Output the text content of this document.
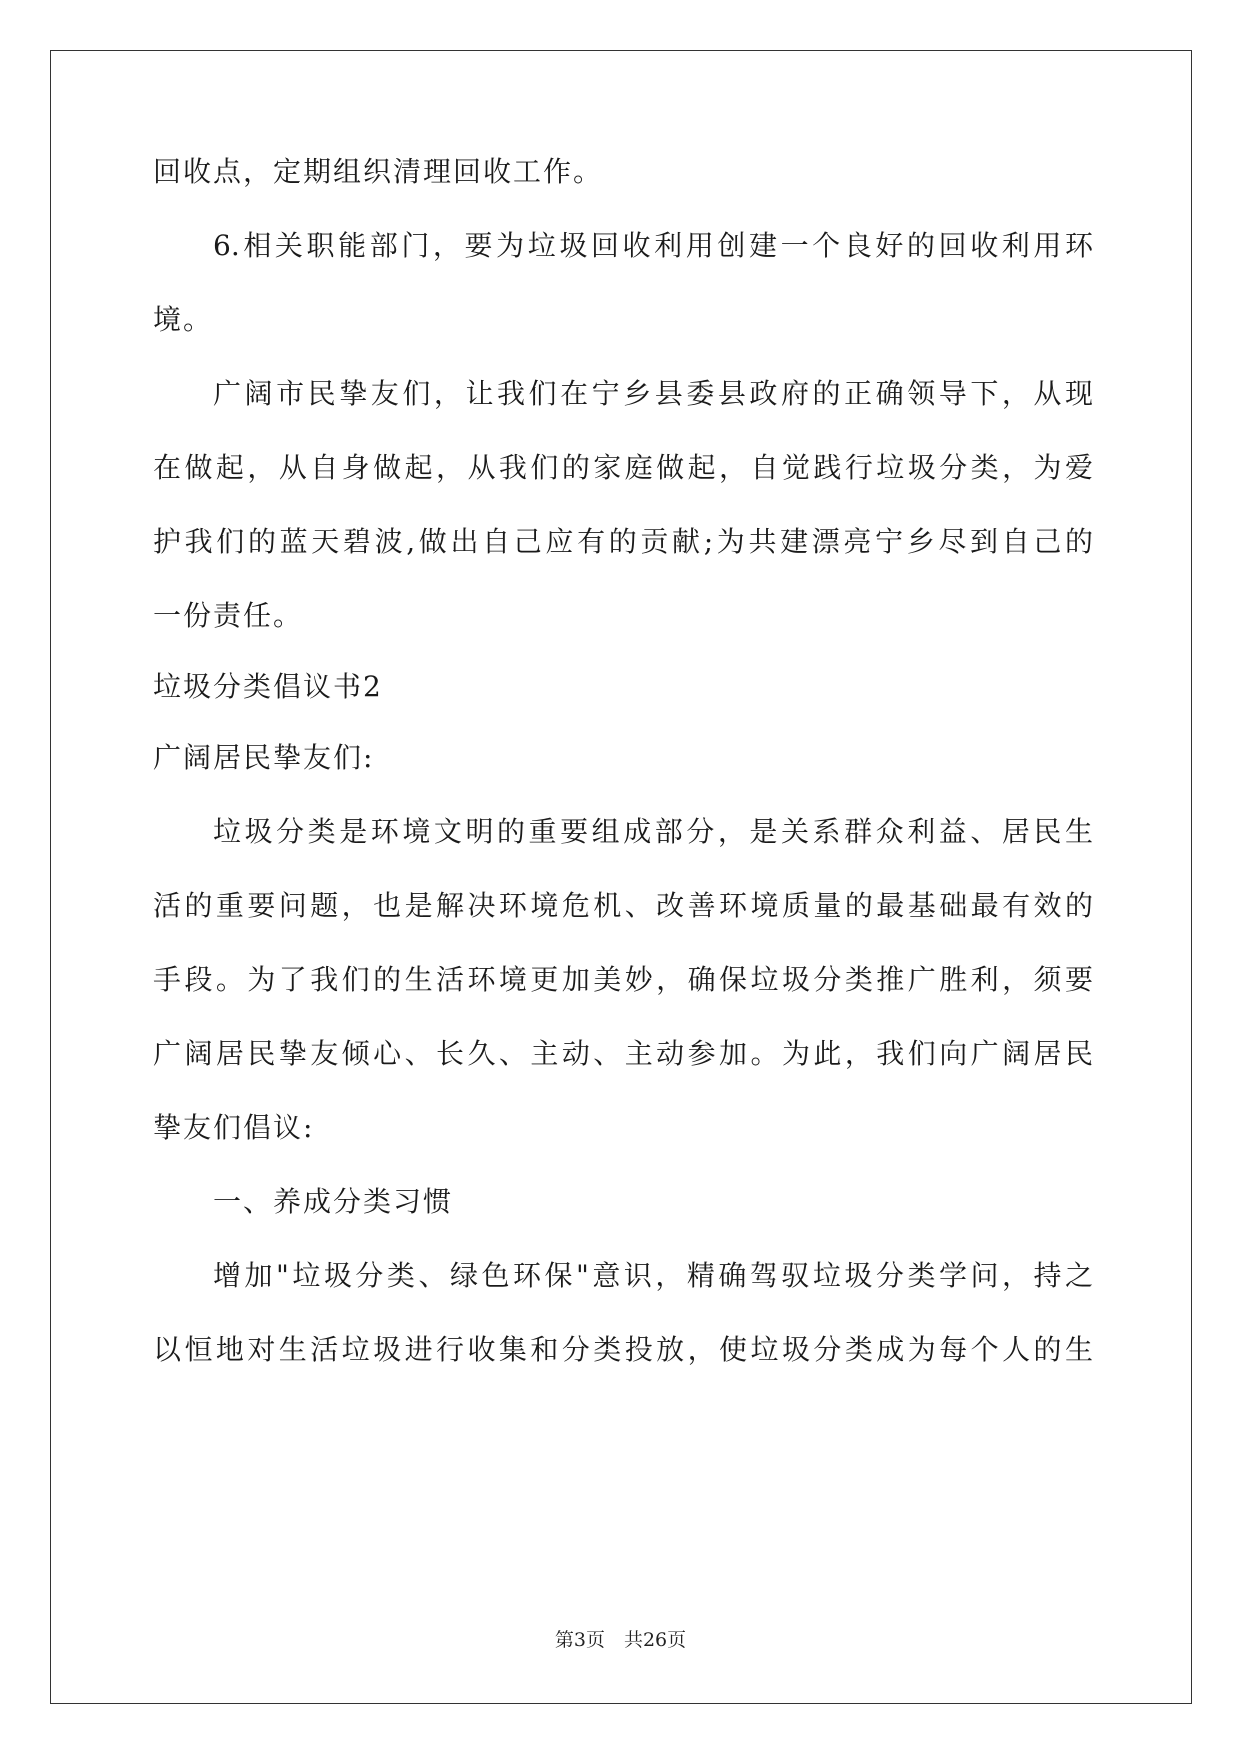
回收点，定期组织清理回收工作。
6.相关职能部门，要为垃圾回收利用创建一个良好的回收利用环
境。
广阔市民挚友们，让我们在宁乡县委县政府的正确领导下，从现
在做起，从自身做起，从我们的家庭做起，自觉践行垃圾分类，为爱
护我们的蓝天碧波,做出自己应有的贡献;为共建漂亮宁乡尽到自己的
一份责任。
垃圾分类倡议书2
广阔居民挚友们:
垃圾分类是环境文明的重要组成部分，是关系群众利益、居民生
活的重要问题，也是解决环境危机、改善环境质量的最基础最有效的
手段。为了我们的生活环境更加美妙，确保垃圾分类推广胜利，须要
广阔居民挚友倾心、长久、主动、主动参加。为此，我们向广阔居民
挚友们倡议:
一、养成分类习惯
增加"垃圾分类、绿色环保"意识，精确驾驭垃圾分类学问，持之
以恒地对生活垃圾进行收集和分类投放，使垃圾分类成为每个人的生
第3页　共26页
